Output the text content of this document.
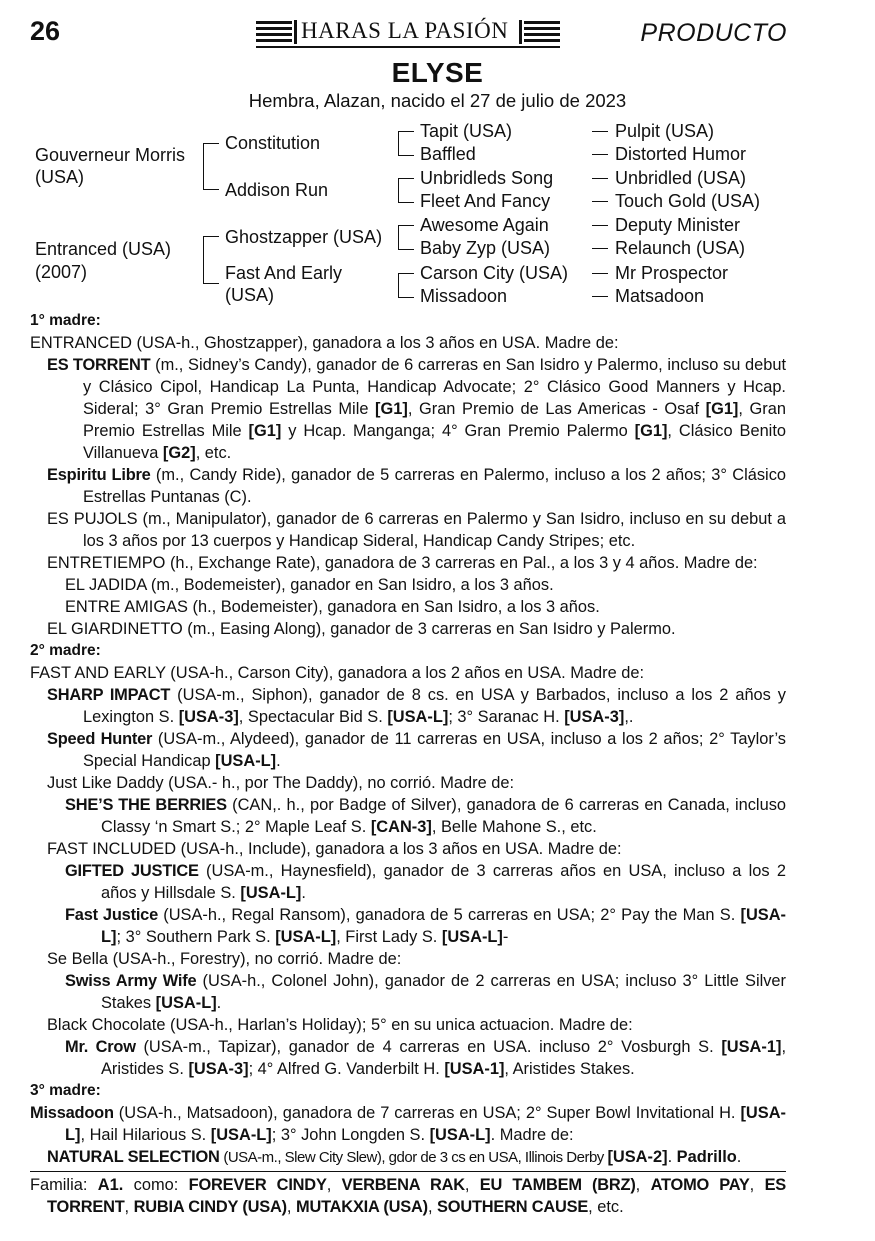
26	HARAS LA PASIÓN	PRODUCTO
ELYSE
Hembra, Alazan, nacido el 27 de julio de 2023
Gouverneur Morris
(USA)
Entranced (USA)
(2007)
Constitution
Addison Run
Ghostzapper (USA)
Fast And Early
(USA)
Tapit (USA)
Baffled
Unbridleds Song
Fleet And Fancy
Awesome Again
Baby Zyp (USA)
Carson City (USA)
Missadoon
Pulpit (USA)
Distorted Humor
Unbridled (USA)
Touch Gold (USA)
Deputy Minister
Relaunch (USA)
Mr Prospector
Matsadoon
1° madre:
ENTRANCED (USA-h., Ghostzapper), ganadora a los 3 años en USA. Madre de:
ES TORRENT (m., Sidney’s Candy), ganador de 6 carreras en San Isidro y Palermo, incluso su debut y Clásico Cipol, Handicap La Punta, Handicap Advocate; 2° Clásico Good Manners y Hcap. Sideral; 3° Gran Premio Estrellas Mile [G1], Gran Premio de Las Americas - Osaf [G1], Gran Premio Estrellas Mile [G1] y Hcap. Manganga; 4° Gran Premio Palermo [G1], Clásico Benito Villanueva [G2], etc.
Espiritu Libre (m., Candy Ride), ganador de 5 carreras en Palermo, incluso a los 2 años; 3° Clásico Estrellas Puntanas (C).
ES PUJOLS (m., Manipulator), ganador de 6 carreras en Palermo y San Isidro, incluso en su debut a los 3 años por 13 cuerpos y Handicap Sideral, Handicap Candy Stripes; etc.
ENTRETIEMPO (h., Exchange Rate), ganadora de 3 carreras en Pal., a los 3 y 4 años. Madre de:
EL JADIDA (m., Bodemeister), ganador en San Isidro, a los 3 años.
ENTRE AMIGAS (h., Bodemeister), ganadora en San Isidro, a los 3 años.
EL GIARDINETTO (m., Easing Along), ganador de 3 carreras en San Isidro y Palermo.
2° madre:
FAST AND EARLY (USA-h., Carson City), ganadora a los 2 años en USA. Madre de:
SHARP IMPACT (USA-m., Siphon), ganador de 8 cs. en USA y Barbados, incluso a los 2 años y Lexington S. [USA-3], Spectacular Bid S. [USA-L]; 3° Saranac H. [USA-3],.
Speed Hunter (USA-m., Alydeed), ganador de 11 carreras en USA, incluso a los 2 años; 2° Taylor’s Special Handicap [USA-L].
Just Like Daddy (USA.- h., por The Daddy), no corrió. Madre de:
SHE’S THE BERRIES (CAN,. h., por Badge of Silver), ganadora de 6 carreras en Canada, incluso Classy ‘n Smart S.; 2° Maple Leaf S. [CAN-3], Belle Mahone S., etc.
FAST INCLUDED (USA-h., Include), ganadora a los 3 años en USA. Madre de:
GIFTED JUSTICE (USA-m., Haynesfield), ganador de 3 carreras años en USA, incluso a los 2 años y Hillsdale S. [USA-L].
Fast Justice (USA-h., Regal Ransom), ganadora de 5 carreras en USA; 2° Pay the Man S. [USA-L]; 3° Southern Park S. [USA-L], First Lady S. [USA-L]-
Se Bella (USA-h., Forestry), no corrió. Madre de:
Swiss Army Wife (USA-h., Colonel John), ganador de 2 carreras en USA; incluso 3° Little Silver Stakes [USA-L].
Black Chocolate (USA-h., Harlan’s Holiday); 5° en su unica actuacion. Madre de:
Mr. Crow (USA-m., Tapizar), ganador de 4 carreras en USA. incluso 2° Vosburgh S. [USA-1], Aristides S. [USA-3]; 4° Alfred G. Vanderbilt H. [USA-1], Aristides Stakes.
3° madre:
Missadoon (USA-h., Matsadoon), ganadora de 7 carreras en USA; 2° Super Bowl Invitational H. [USA-L], Hail Hilarious S. [USA-L]; 3° John Longden S. [USA-L]. Madre de:
NATURAL SELECTION (USA-m., Slew City Slew), gdor de 3 cs en USA, Illinois Derby [USA-2]. Padrillo.
Familia: A1. como: FOREVER CINDY, VERBENA RAK, EU TAMBEM (BRZ), ATOMO PAY, ES TORRENT, RUBIA CINDY (USA), MUTAKXIA (USA), SOUTHERN CAUSE, etc.
